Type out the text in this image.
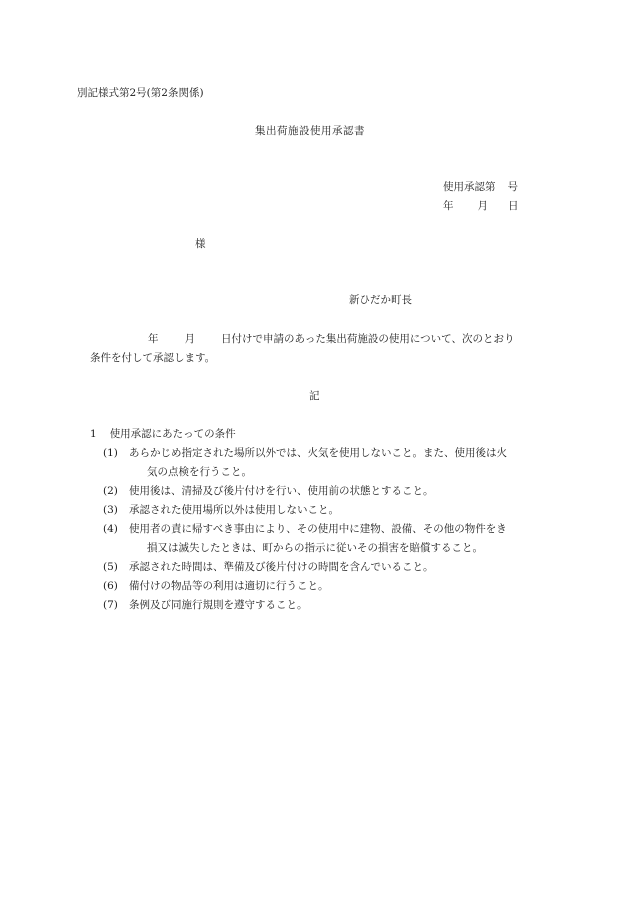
別記様式第2号(第2条関係)
集出荷施設使用承認書
使用承認第 号
年 月 日
様
新ひだか町長
年 月 日付けで申請のあった集出荷施設の使用について、次のとおり
条件を付して承認します。
記
1 使用承認にあたっての条件
(1) あらかじめ指定された場所以外では、火気を使用しないこと。また、使用後は火
気の点検を行うこと。
(2) 使用後は、清掃及び後片付けを行い、使用前の状態とすること。
(3) 承認された使用場所以外は使用しないこと。
(4) 使用者の責に帰すべき事由により、その使用中に建物、設備、その他の物件をき
損又は滅失したときは、町からの指示に従いその損害を賠償すること。
(5) 承認された時間は、準備及び後片付けの時間を含んでいること。
(6) 備付けの物品等の利用は適切に行うこと。
(7) 条例及び同施行規則を遵守すること。
